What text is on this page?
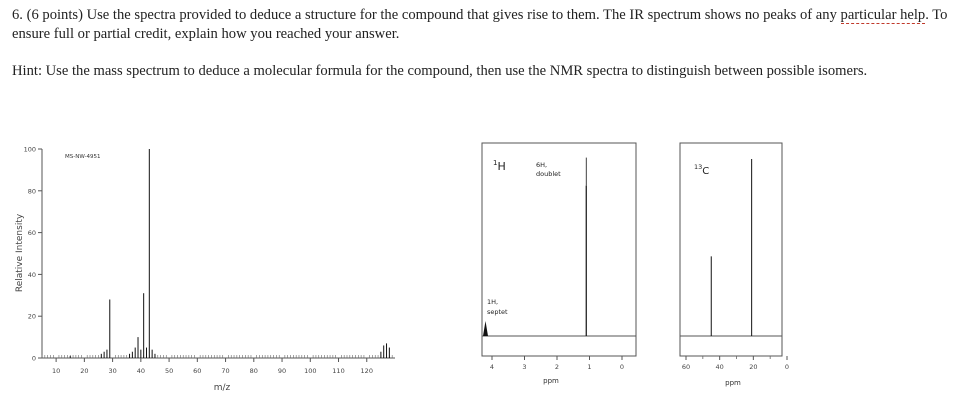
6. (6 points) Use the spectra provided to deduce a structure for the compound that gives rise to them. The IR spectrum shows no peaks of any particular help. To ensure full or partial credit, explain how you reached your answer.
Hint: Use the mass spectrum to deduce a molecular formula for the compound, then use the NMR spectra to distinguish between possible isomers.
MS-NW-4951
Relative Intensity
m/z
0
20
40
60
80
100
10	20	30	40	50	60	70	80	90	100 110 120
$^1$H	6H,
doublet
1H,
septet
ppm
4	3	2	1	0
$^{13}$C
ppm
60	40	20	0
